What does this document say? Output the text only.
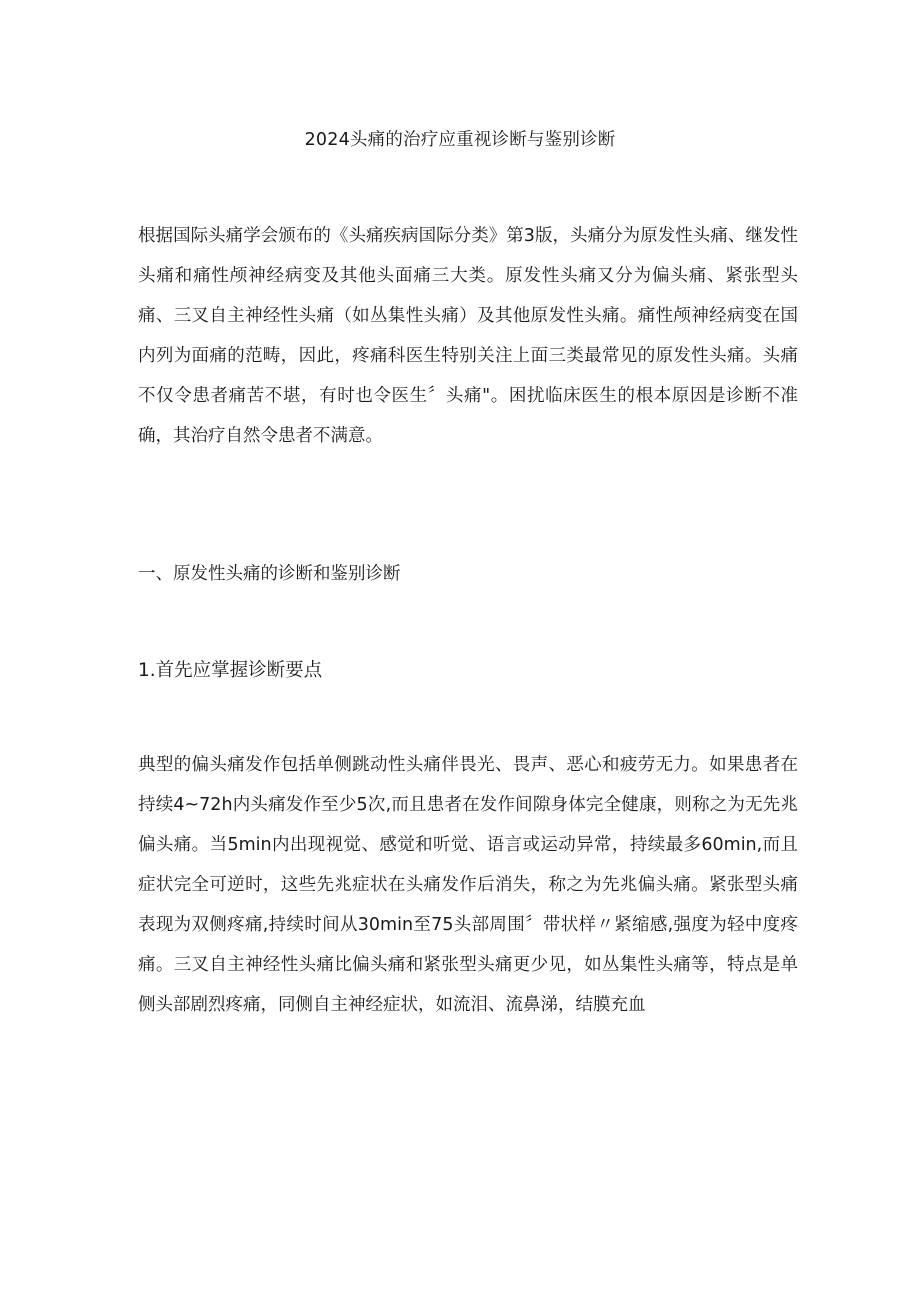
2024头痛的治疗应重视诊断与鉴别诊断

根据国际头痛学会颁布的《头痛疾病国际分类》第3版，头痛分为原发性头痛、继发性头痛和痛性颅神经病变及其他头面痛三大类。原发性头痛又分为偏头痛、紧张型头痛、三叉自主神经性头痛（如丛集性头痛）及其他原发性头痛。痛性颅神经病变在国内列为面痛的范畴，因此，疼痛科医生特别关注上面三类最常见的原发性头痛。头痛不仅令患者痛苦不堪，有时也令医生〞头痛"。困扰临床医生的根本原因是诊断不准确，其治疗自然令患者不满意。

一、原发性头痛的诊断和鉴别诊断

1.首先应掌握诊断要点

典型的偏头痛发作包括单侧跳动性头痛伴畏光、畏声、恶心和疲劳无力。如果患者在持续4~72h内头痛发作至少5次,而且患者在发作间隙身体完全健康，则称之为无先兆偏头痛。当5min内出现视觉、感觉和听觉、语言或运动异常，持续最多60min,而且症状完全可逆时，这些先兆症状在头痛发作后消失，称之为先兆偏头痛。紧张型头痛表现为双侧疼痛,持续时间从30min至75头部周围〞带状样〃紧缩感,强度为轻中度疼痛。三叉自主神经性头痛比偏头痛和紧张型头痛更少见，如丛集性头痛等，特点是单侧头部剧烈疼痛，同侧自主神经症状，如流泪、流鼻涕，结膜充血
